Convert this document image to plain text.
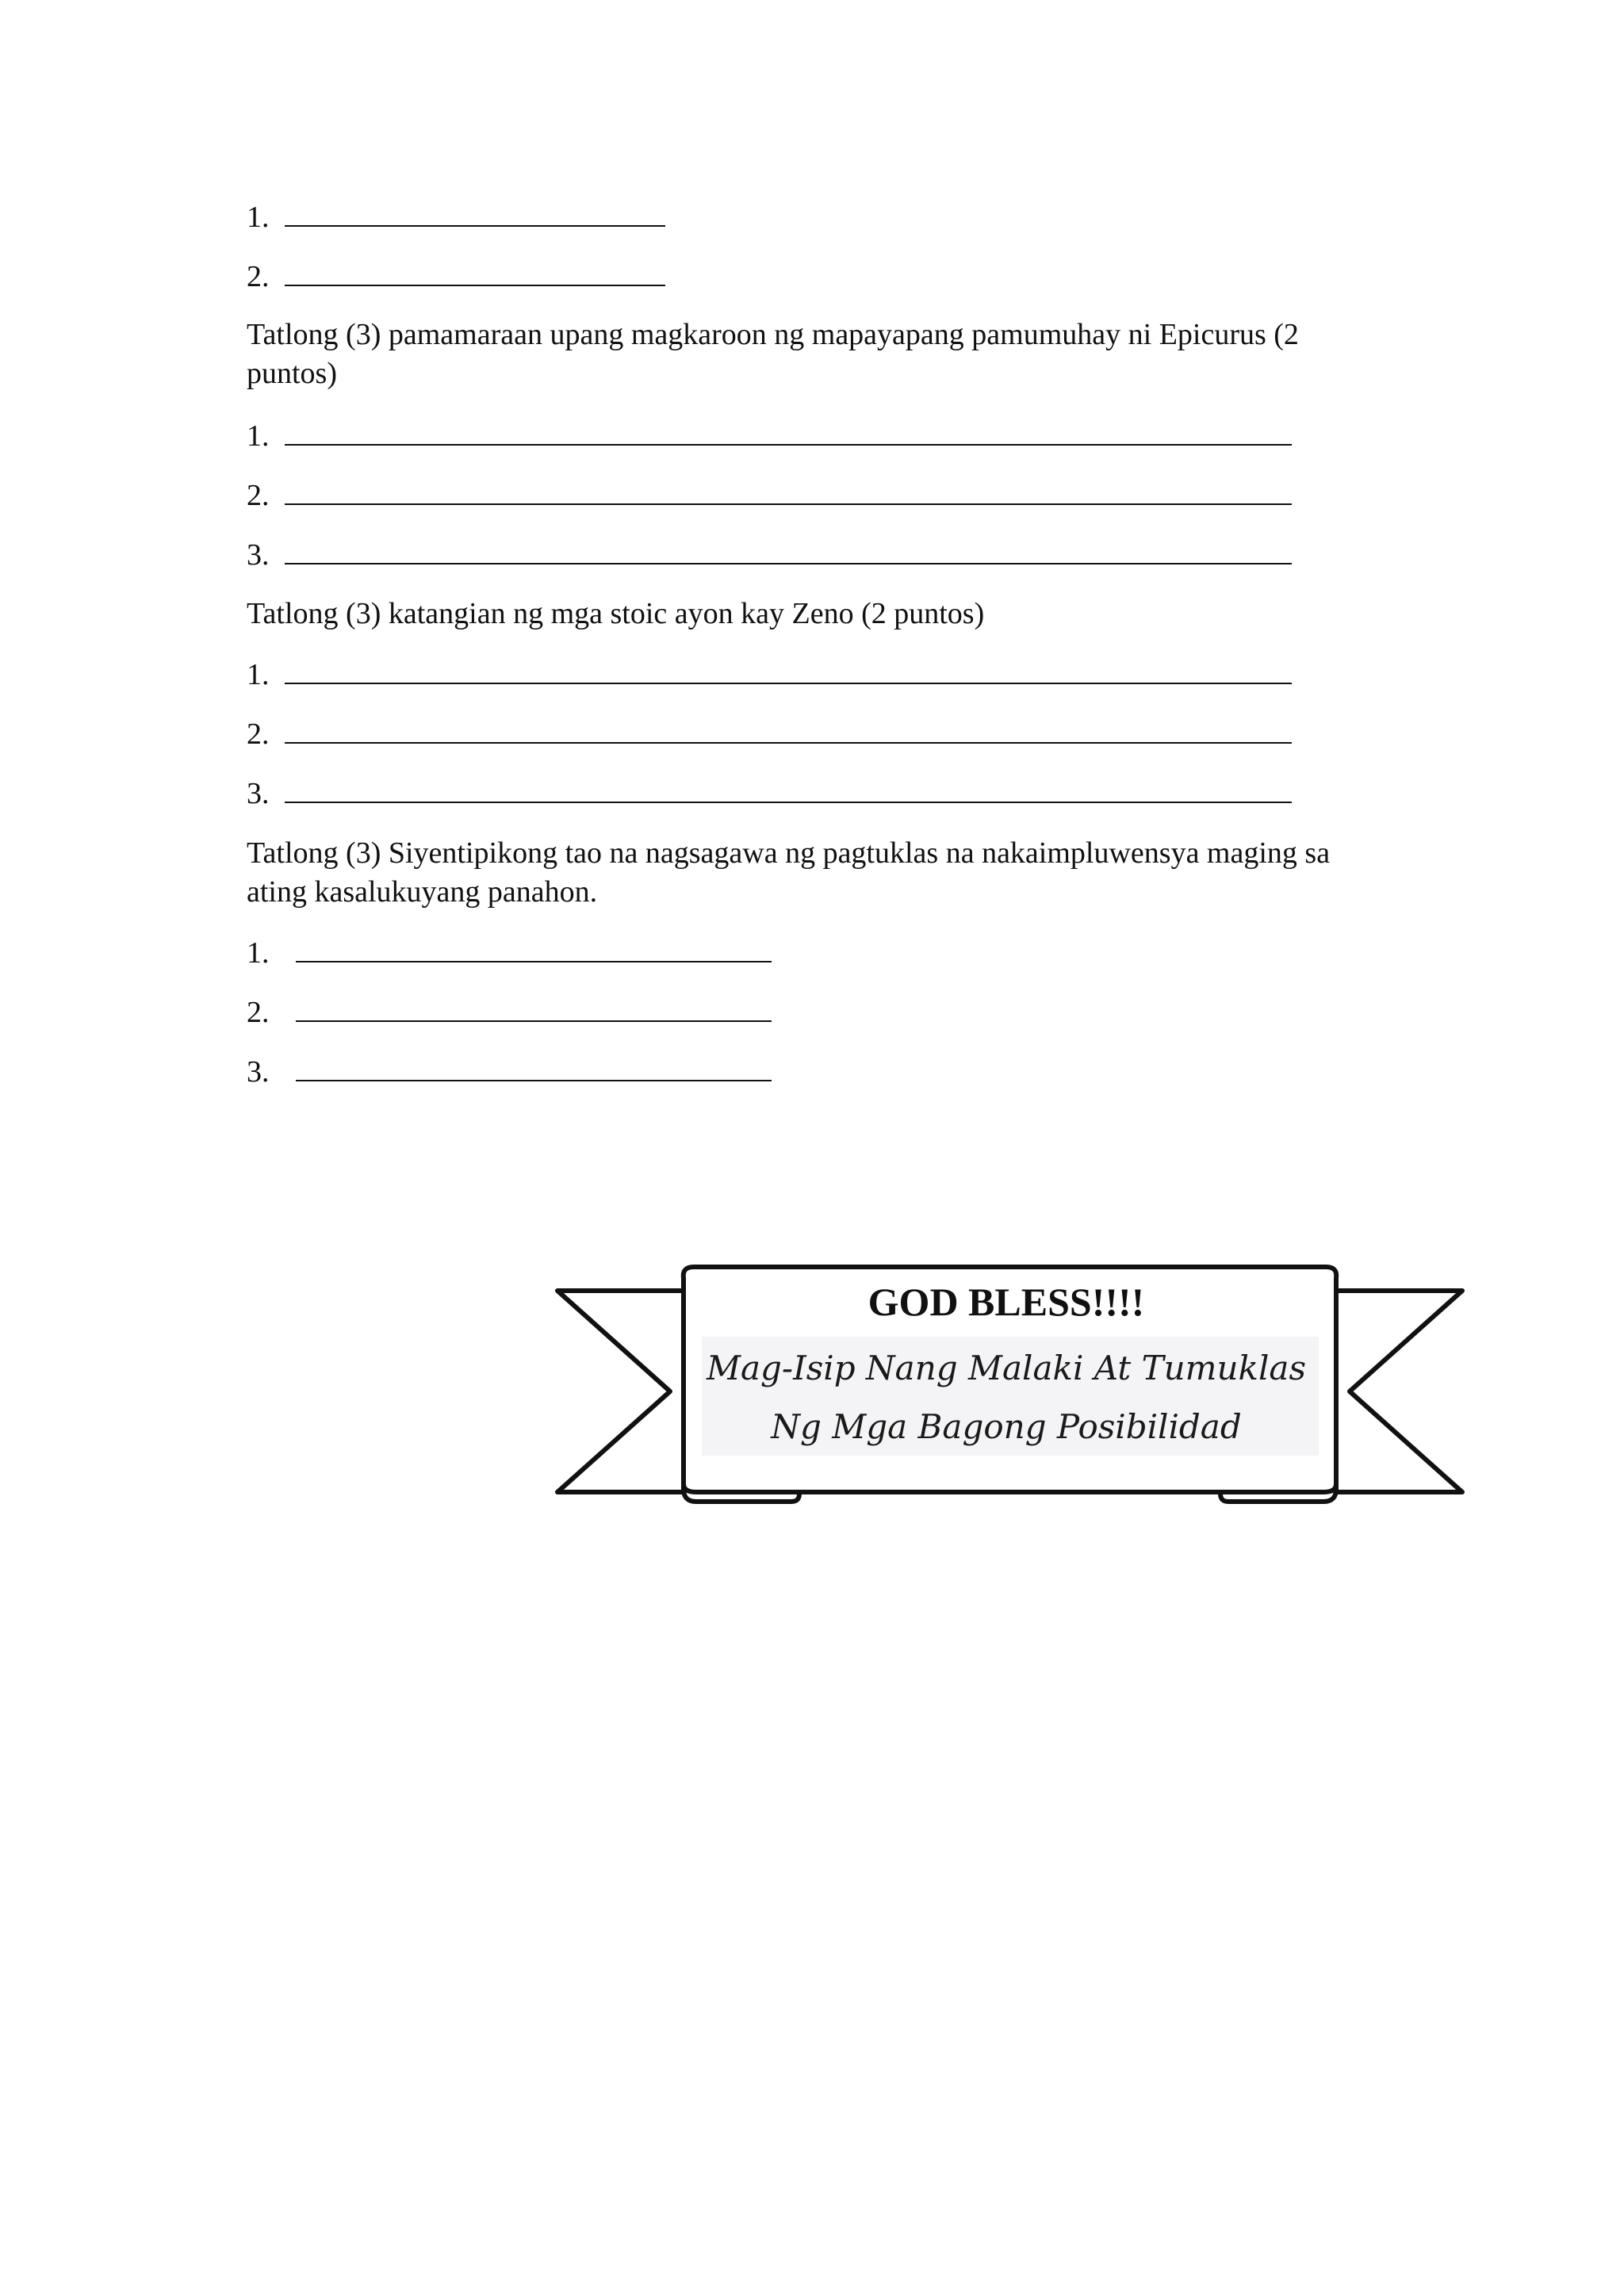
1.
2.
Tatlong (3) pamamaraan upang magkaroon ng mapayapang pamumuhay ni Epicurus (2 puntos)
1.
2.
3.
Tatlong (3) katangian ng mga stoic ayon kay Zeno (2 puntos)
1.
2.
3.
Tatlong (3) Siyentipikong tao na nagsagawa ng pagtuklas na nakaimpluwensya maging sa ating kasalukuyang panahon.
1.
2.
3.
GOD BLESS!!!!
Mag-Isip Nang Malaki At Tumuklas
Ng Mga Bagong Posibilidad
